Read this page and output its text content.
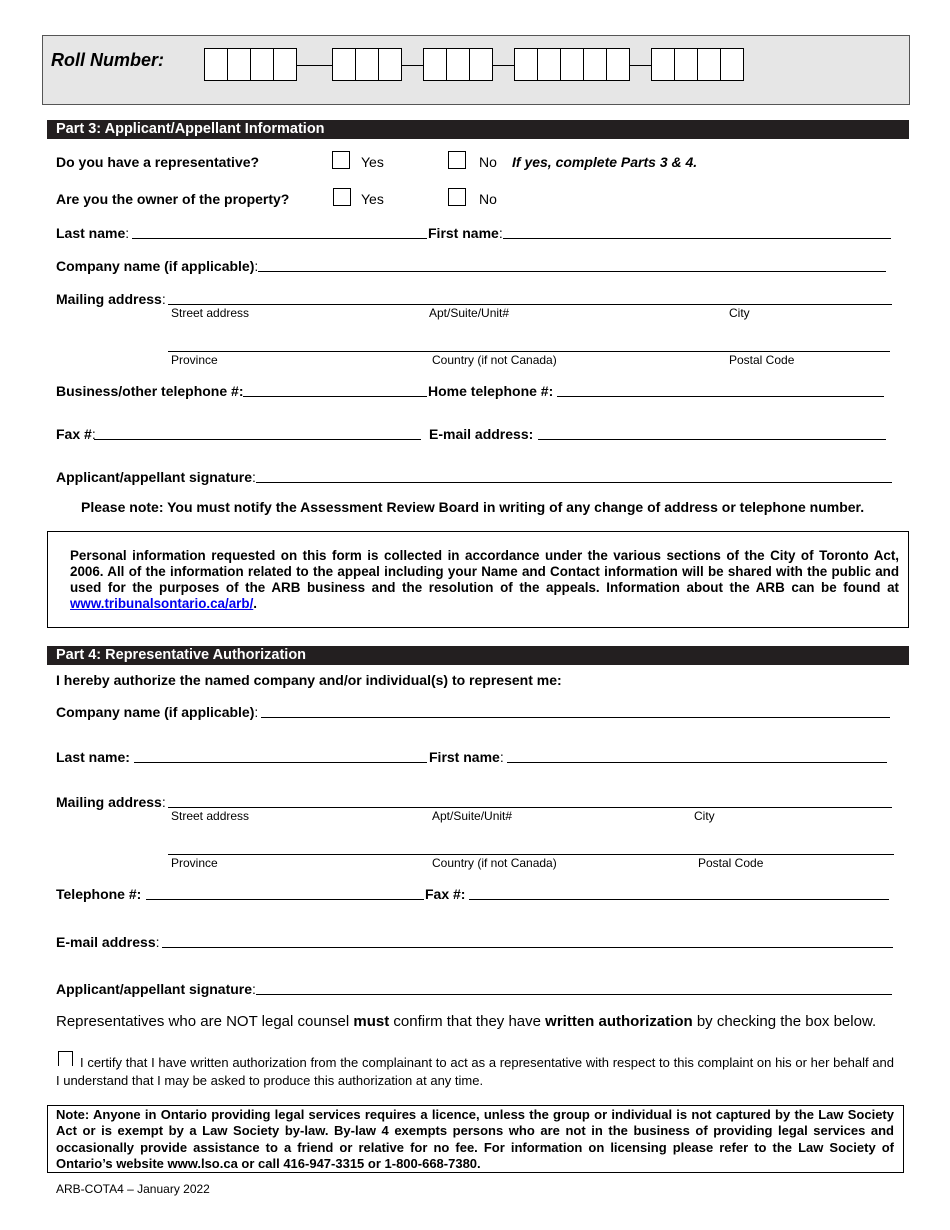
Roll Number:
Part 3: Applicant/Appellant Information
Do you have a representative?	Yes	No If yes, complete Parts 3 & 4.
Are you the owner of the property?	Yes	No
Last name:	First name:
Company name (if applicable):
Mailing address:
Street address	Apt/Suite/Unit#	City
Province	Country (if not Canada)	Postal Code
Business/other telephone #:	Home telephone #:
Fax #:	E-mail address:
Applicant/appellant signature:
Please note: You must notify the Assessment Review Board in writing of any change of address or telephone number.
Personal information requested on this form is collected in accordance under the various sections of the City of Toronto Act, 2006. All of the information related to the appeal including your Name and Contact information will be shared with the public and used for the purposes of the ARB business and the resolution of the appeals. Information about the ARB can be found at www.tribunalsontario.ca/arb/.
Part 4: Representative Authorization
I hereby authorize the named company and/or individual(s) to represent me:
Company name (if applicable):
Last name:	First name:
Mailing address:
Street address	Apt/Suite/Unit#	City
Province	Country (if not Canada)	Postal Code
Telephone #:	Fax #:
E-mail address:
Applicant/appellant signature:
Representatives who are NOT legal counsel must confirm that they have written authorization by checking the box below.
I certify that I have written authorization from the complainant to act as a representative with respect to this complaint on his or her behalf and I understand that I may be asked to produce this authorization at any time.
Note: Anyone in Ontario providing legal services requires a licence, unless the group or individual is not captured by the Law Society Act or is exempt by a Law Society by-law. By-law 4 exempts persons who are not in the business of providing legal services and occasionally provide assistance to a friend or relative for no fee. For information on licensing please refer to the Law Society of Ontario’s website www.lso.ca or call 416-947-3315 or 1-800-668-7380.
ARB-COTA4 – January 2022
